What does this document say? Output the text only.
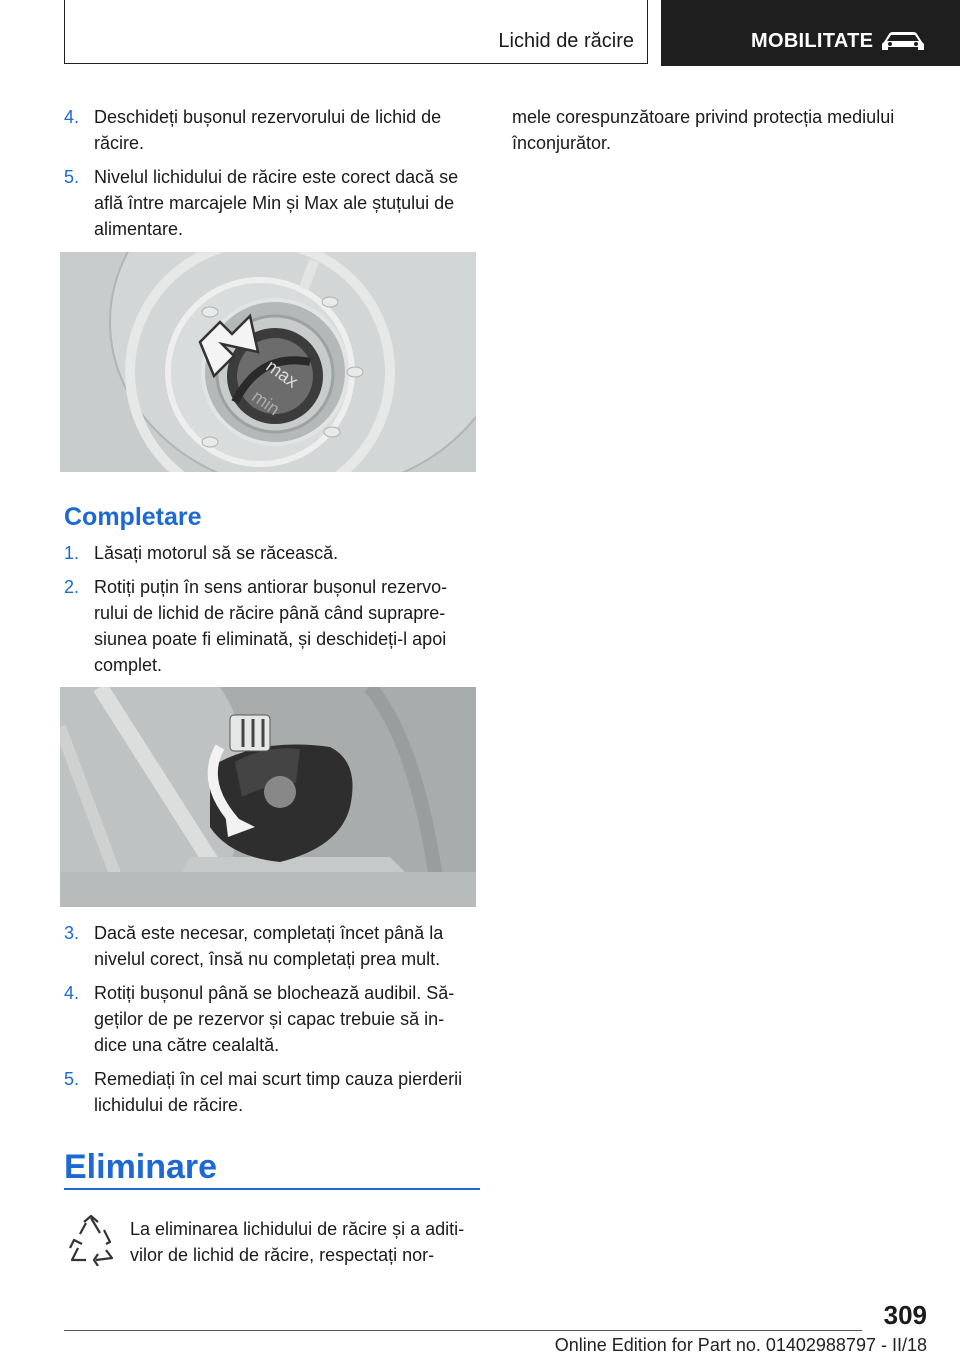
Lichid de răcire	MOBILITATE
4. Deschideți bușonul rezervorului de lichid de
răcire.
5. Nivelul lichidului de răcire este corect dacă se
află între marcajele Min și Max ale ștuțului de
alimentare.
max
min
Completare
1. Lăsați motorul să se răcească.
2. Rotiți puțin în sens antiorar bușonul rezervo-
rului de lichid de răcire până când suprapre-
siunea poate fi eliminată, și deschideți-l apoi
complet.
3. Dacă este necesar, completați încet până la
nivelul corect, însă nu completați prea mult.
4. Rotiți bușonul până se blochează audibil. Să-
geților de pe rezervor și capac trebuie să in-
dice una către cealaltă.
5. Remediați în cel mai scurt timp cauza pierderii
lichidului de răcire.
Eliminare
La eliminarea lichidului de răcire și a aditi-
vilor de lichid de răcire, respectați nor-
mele corespunzătoare privind protecția mediului
înconjurător.
309
Online Edition for Part no. 01402988797 - II/18
